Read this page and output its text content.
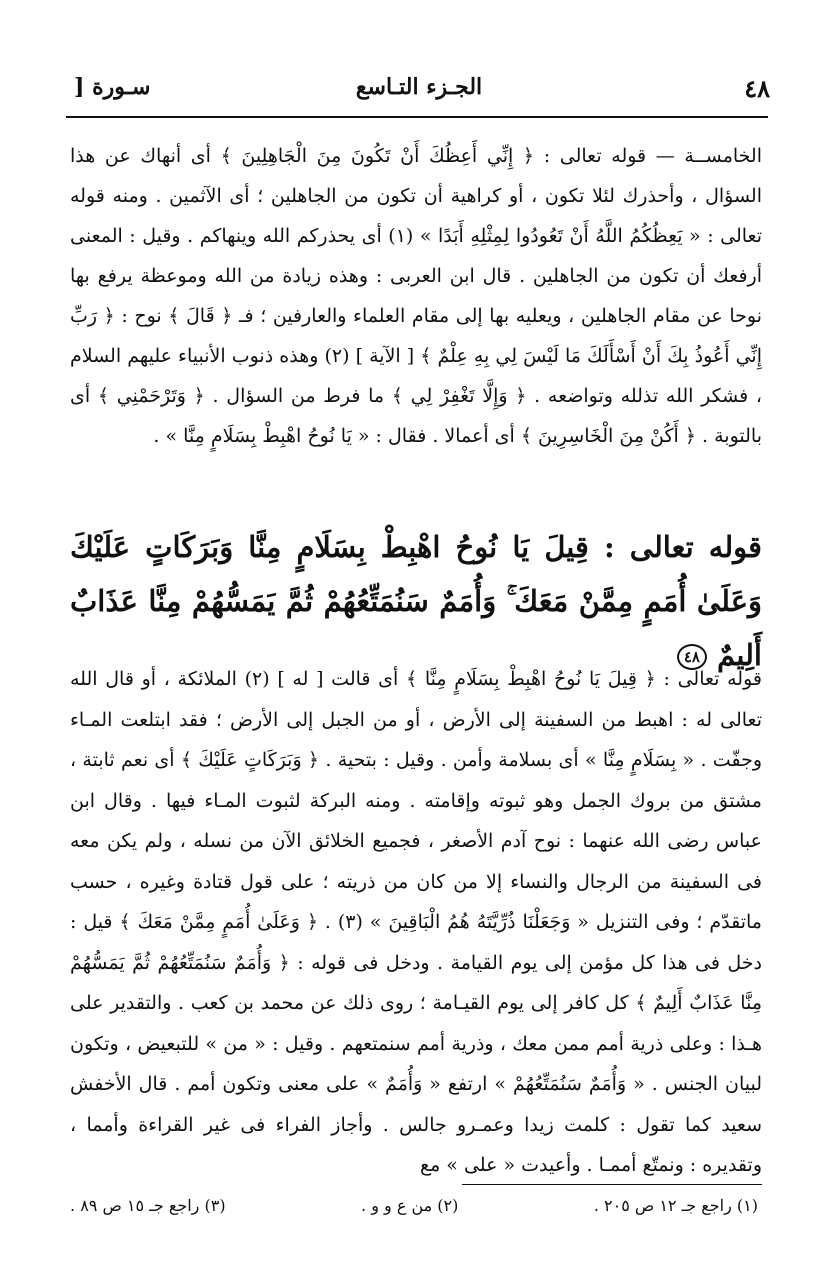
٤٨
الجـزء التـاسع
سـورة [

الخامســة — قوله تعالى : ﴿ إِنِّي أَعِظُكَ أَنْ تَكُونَ مِنَ الْجَاهِلِينَ ﴾ أى أنهاك عن هذا السؤال ، وأحذرك لئلا تكون ، أو كراهية أن تكون من الجاهلين ؛ أى الآثمين . ومنه قوله تعالى : « يَعِظُكُمُ اللَّهُ أَنْ تَعُودُوا لِمِثْلِهِ أَبَدًا » (١) أى يحذركم الله وينهاكم . وقيل : المعنى أرفعك أن تكون من الجاهلين . قال ابن العربى : وهذه زيادة من الله وموعظة يرفع بها نوحا عن مقام الجاهلين ، ويعليه بها إلى مقام العلماء والعارفين ؛ فـ ﴿ قَالَ ﴾ نوح : ﴿ رَبِّ إِنِّي أَعُوذُ بِكَ أَنْ أَسْأَلَكَ مَا لَيْسَ لِي بِهِ عِلْمٌ ﴾ [ الآية ] (٢) وهذه ذنوب الأنبياء عليهم السلام ، فشكر الله تذلله وتواضعه . ﴿ وَإِلَّا تَغْفِرْ لِي ﴾ ما فرط من السؤال . ﴿ وَتَرْحَمْنِي ﴾ أى بالتوبة . ﴿ أَكُنْ مِنَ الْخَاسِرِينَ ﴾ أى أعمالا . فقال : « يَا نُوحُ اهْبِطْ بِسَلَامٍ مِنَّا » .

قوله تعالى : قِيلَ يَا نُوحُ اهْبِطْ بِسَلَامٍ مِنَّا وَبَرَكَاتٍ عَلَيْكَ وَعَلَىٰ أُمَمٍ مِمَّنْ مَعَكَ ۚ وَأُمَمٌ سَنُمَتِّعُهُمْ ثُمَّ يَمَسُّهُمْ مِنَّا عَذَابٌ أَلِيمٌ ٤٨

قوله تعالى : ﴿ قِيلَ يَا نُوحُ اهْبِطْ بِسَلَامٍ مِنَّا ﴾ أى قالت [ له ] (٢) الملائكة ، أو قال الله تعالى له : اهبط من السفينة إلى الأرض ، أو من الجبل إلى الأرض ؛ فقد ابتلعت المـاء وجفّت . « بِسَلَامٍ مِنَّا » أى بسلامة وأمن . وقيل : بتحية . ﴿ وَبَرَكَاتٍ عَلَيْكَ ﴾ أى نعم ثابتة ، مشتق من بروك الجمل وهو ثبوته وإقامته . ومنه البركة لثبوت المـاء فيها . وقال ابن عباس رضى الله عنهما : نوح آدم الأصغر ، فجميع الخلائق الآن من نسله ، ولم يكن معه فى السفينة من الرجال والنساء إلا من كان من ذريته ؛ على قول قتادة وغيره ، حسب ماتقدّم ؛ وفى التنزيل « وَجَعَلْنَا ذُرِّيَّتَهُ هُمُ الْبَاقِينَ » (٣) . ﴿ وَعَلَىٰ أُمَمٍ مِمَّنْ مَعَكَ ﴾ قيل : دخل فى هذا كل مؤمن إلى يوم القيامة . ودخل فى قوله : ﴿ وَأُمَمٌ سَنُمَتِّعُهُمْ ثُمَّ يَمَسُّهُمْ مِنَّا عَذَابٌ أَلِيمٌ ﴾ كل كافر إلى يوم القيـامة ؛ روى ذلك عن محمد بن كعب . والتقدير على هـذا : وعلى ذرية أمم ممن معك ، وذرية أمم سنمتعهم . وقيل : « من » للتبعيض ، وتكون لبيان الجنس . « وَأُمَمٌ سَنُمَتِّعُهُمْ » ارتفع « وَأُمَمٌ » على معنى وتكون أمم . قال الأخفش سعيد كما تقول : كلمت زيدا وعمـرو جالس . وأجاز الفراء فى غير القراءة وأمما ، وتقديره : ونمتّع أممـا . وأعيدت « على » مع

(١) راجع جـ ١٢ ص ٢٠٥ .
(٢) من ع و و .
(٣) راجع جـ ١٥ ص ٨٩ .
